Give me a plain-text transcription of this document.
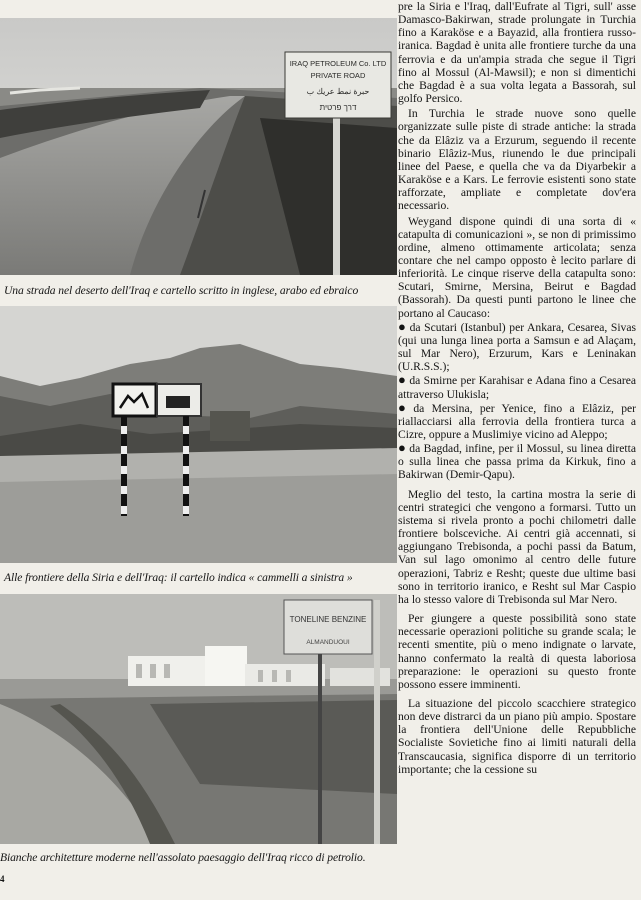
IRAQ PETROLEUM Co. LTD
PRIVATE ROAD
حبرة نمط عريك ب
דרך פרטית
Una strada nel deserto dell'Iraq e cartello scritto in inglese, arabo ed ebraico
Alle frontiere della Siria e dell'Iraq: il cartello indica « cammelli a sinistra »
TONELINE BENZINE
ALMANDUOUI
Bianche architetture moderne nell'assolato paesaggio dell'Iraq ricco di petrolio.
4

pre la Siria e l'Iraq, dall'Eufrate al Tigri, sull' asse Damasco-Bakirwan, strade prolungate in Turchia fino a Karaköse e a Bayazid, alla frontiera russo-iranica. Bagdad è unita alle frontiere turche da una ferrovia e da un'ampia strada che segue il Tigri fino al Mossul (Al-Mawsil); e non si dimentichi che Bagdad è a sua volta legata a Bassorah, sul golfo Persico.

In Turchia le strade nuove sono quelle organizzate sulle piste di strade antiche: la strada che da Elâziz va a Erzurum, seguendo il recente binario Elâziz-Mus, riunendo le due principali linee del Paese, e quella che va da Diyarbekir a Karaköse e a Kars. Le ferrovie esistenti sono state rafforzate, ampliate e completate dov'era necessario.

Weygand dispone quindi di una sorta di « catapulta di comunicazioni », se non di primissimo ordine, almeno ottimamente articolata; senza contare che nel campo opposto è lecito parlare di inferiorità. Le cinque riserve della catapulta sono: Scutari, Smirne, Mersina, Beirut e Bagdad (Bassorah). Da questi punti partono le linee che portano al Caucaso:

● da Scutari (Istanbul) per Ankara, Cesarea, Sivas (qui una lunga linea porta a Samsun e ad Alaçam, sul Mar Nero), Erzurum, Kars e Leninakan (U.R.S.S.);
● da Smirne per Karahisar e Adana fino a Cesarea attraverso Ulukisla;
● da Mersina, per Yenice, fino a Elâziz, per riallacciarsi alla ferrovia della frontiera turca a Cizre, oppure a Muslimiye vicino ad Aleppo;
● da Bagdad, infine, per il Mossul, su linea diretta o sulla linea che passa prima da Kirkuk, fino a Bakirwan (Demir-Qapu).

Meglio del testo, la cartina mostra la serie di centri strategici che vengono a formarsi. Tutto un sistema si rivela pronto a pochi chilometri dalle frontiere bolsceviche. Ai centri già accennati, si aggiungano Trebisonda, a pochi passi da Batum, Van sul lago omonimo al centro delle future operazioni, Tabriz e Resht; queste due ultime basi sono in territorio iranico, e Resht sul Mar Caspio ha lo stesso valore di Trebisonda sul Mar Nero.

Per giungere a queste possibilità sono state necessarie operazioni politiche su grande scala; le recenti smentite, più o meno indignate o larvate, hanno confermato la realtà di questa laboriosa preparazione: le operazioni su questo fronte possono essere imminenti.

La situazione del piccolo scacchiere strategico non deve distrarci da un piano più ampio. Spostare la frontiera dell'Unione delle Repubbliche Socialiste Sovietiche fino ai limiti naturali della Transcaucasia, significa disporre di un territorio importante; che la cessione su
